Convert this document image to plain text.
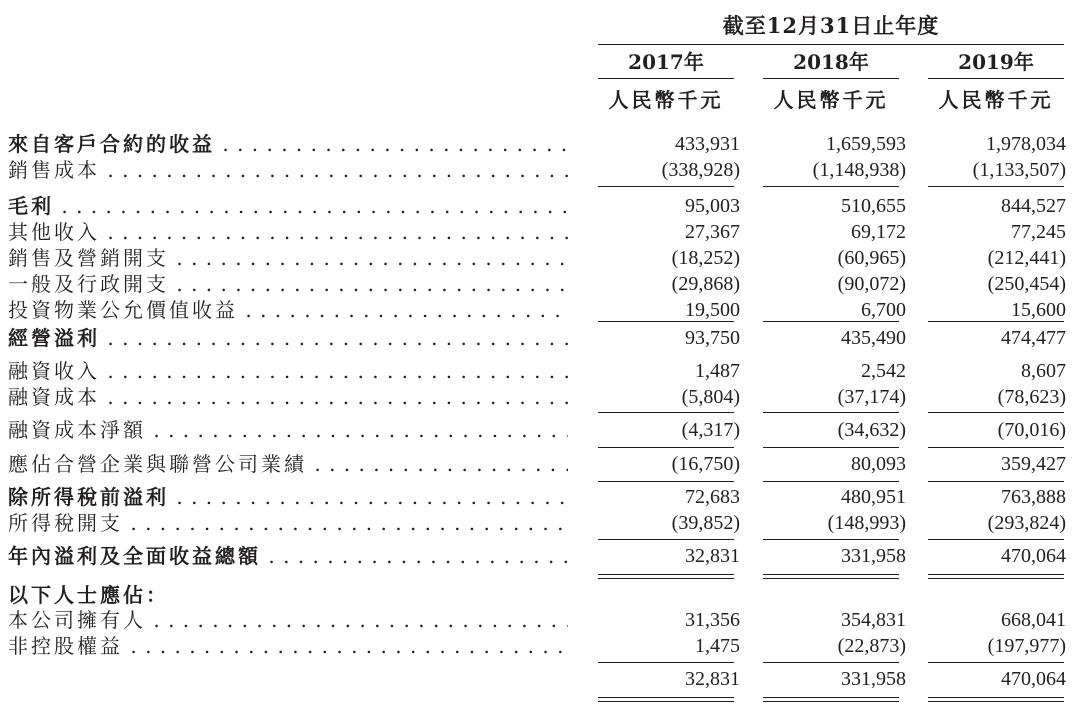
截至12月31日止年度
2017年	2018年	2019年
人民幣千元	人民幣千元	人民幣千元
來自客戶合約的收益 . . .	433,931	1,659,593	1,978,034
銷售成本 . . .	(338,928)	(1,148,938)	(1,133,507)
毛利 . . .	95,003	510,655	844,527
其他收入 . . .	27,367	69,172	77,245
銷售及營銷開支 . . .	(18,252)	(60,965)	(212,441)
一般及行政開支 . . .	(29,868)	(90,072)	(250,454)
投資物業公允價值收益 . . .	19,500	6,700	15,600
經營溢利 . . .	93,750	435,490	474,477
融資收入 . . .	1,487	2,542	8,607
融資成本 . . .	(5,804)	(37,174)	(78,623)
融資成本淨額 . . .	(4,317)	(34,632)	(70,016)
應佔合營企業與聯營公司業績 . . .	(16,750)	80,093	359,427
除所得稅前溢利 . . .	72,683	480,951	763,888
所得稅開支 . . .	(39,852)	(148,993)	(293,824)
年內溢利及全面收益總額 . . .	32,831	331,958	470,064
以下人士應佔：
本公司擁有人 . . .	31,356	354,831	668,041
非控股權益 . . .	1,475	(22,873)	(197,977)
32,831	331,958	470,064
